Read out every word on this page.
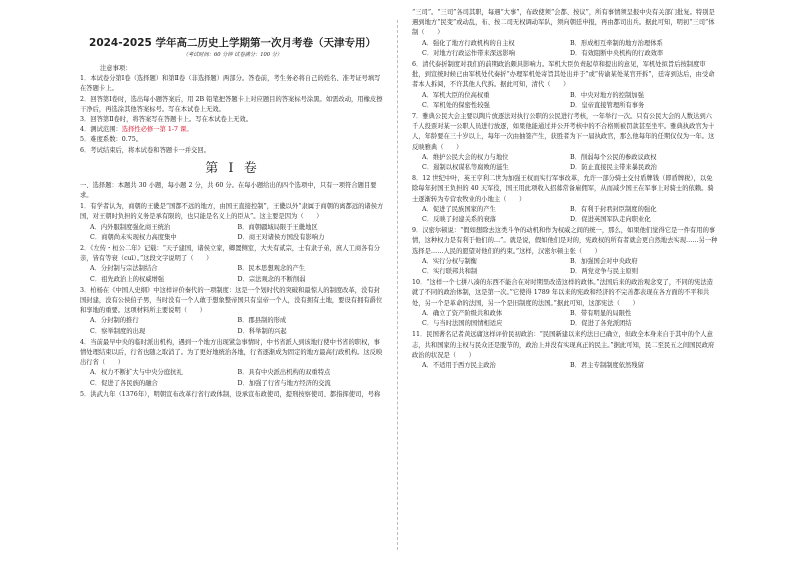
2024-2025 学年高二历史上学期第一次月考卷（天津专用）
（考试时间：60 分钟 试卷满分：100 分）
注意事项：
1．本试卷分第Ⅰ卷（选择题）和第Ⅱ卷（非选择题）两部分。答卷前，考生务必将自己的姓名、准考证号填写在答题卡上。
2．回答第Ⅰ卷时，选出每小题答案后，用 2B 铅笔把答题卡上对应题目的答案标号涂黑。如需改动，用橡皮擦干净后，再选涂其他答案标号。写在本试卷上无效。
3．回答第Ⅱ卷时，将答案写在答题卡上。写在本试卷上无效。
4．测试范围：选择性必修一第 1-7 课。
5．难度系数：0.75。
6．考试结束后，将本试卷和答题卡一并交回。
第 Ⅰ 卷
一、选择题：本题共 30 小题，每小题 2 分，共 60 分。在每小题给出的四个选项中，只有一项符合题目要求。
1．有学者认为，商朝的王畿是“国都不远的地方，由国王直接控制”，王畿以外“隶属于商朝的离都远的诸侯方国，对王朝时负担的义务是承有限的，也只能是名义上的臣从”。这主要是因为（　　）
A．内外服制度强化商王统治	B．商朝疆域局限于王畿地区
C．商朝尚未实现权力高度集中	D．商王对诸侯方国没有影响力
2．《左传・桓公二年》记载：“天子建国，诸侯立家，卿置侧室，大夫有贰宗，士有隶子弟，庶人工商各有分亲，皆有等衰（cuī）。”这段文字说明了（　　）
A．分封制与宗法制结合	B．民本思想观念的产生
C．祖先政治上的权威增强	D．宗法观念的不断削弱
3．柏杨在《中国人史纲》中这样评价秦代的一项制度：这是一个划时代的突破和最惊人的制度改革，没有封国封建，没有公侯伯子男，当时没有一个人敢于想象整帝国只有皇帝一个人，没有拥有土地，要设有拥有爵位和享地的重要。这项材料所主要说明（　　）
A．分封制的推行	B．郡县制的形成
C．察举制度的出现	D．科举制的兴起
4．当前最早中央的临时派出机构，遇到一个地方出现紧急事情时，中书省派人到该地行使中书省的职权，事情处理结束以后，行省也随之取消了。为了更好地统治各地，行省逐渐成为固定的地方最高行政机构。这反映出行省（　　）
A．权力不断扩大与中央分庭抗礼	B．具有中央派出机构的双重特点
C．促进了各民族的融合	D．加强了行省与地方经济的交流
5．洪武九年（1376年），明朝宣布改革行省行政体制，设承宣布政使司，提刑按察使司、都指挥使司，号称
“三司”。“三司”各司其职，每遇“大事”，布政使须“会都、按议”，所有事情须呈报中央有关部门批复。特别是遇到地方“民变”或动乱，布、按二司无权调动军队，须向朝廷申报，再由都司出兵。据此可知，明初“三司”体制（　　）
A．强化了地方行政机构的自主权	B．形成相互牵制的地方治理体系
C．对地方行政运作带来深远影响	D．有效阻断中央机构的行政效率
6．清代泰折制度对我们的前期政治颇具影响力。军机大臣负责起草和提出的意见，军机处拟旨后按制度审批，到宣统时候已由军机处代奏折“办理军机处寄旨其处出并于”或“传谕某处某官开拆”，廷寄到达后，由受命者本人拆阅，不许其他人代拆。据此可知，清代（　　）
A．军机大臣的位高权重	B．中央对地方的控制加强
C．军机处的保密性较强	D．皇帝直接管理所有事务
7．雅典公民大会主要以陶片放逐法对执行公职的公民进行考核，一年举行一次。只有公民大会的人数达到六千人投票对某一公职人员进行放逐，如果他能通过并公开考核中的不合格则被罚款甚至坐牢。雅典执政官为十人，年龄要在三十岁以上，每年一次由抽签产生，获胜者为下一届执政官，那么他每年的任期仅仅为一年。这反映雅典（　　）
A．维护公民大会的权力与地位	B．削弱每个公民的参政议政权
C．遏制以权谋私等腐败的滋生	D．防止直接民主带来暴民政治
8．12 世纪中叶，英王亨利二世为加强王权而实行军事改革，允许一部分骑士交付盾牌钱（即盾牌税），以免除每年封国王负担的 40 天军役，国王用此项收入招募常备雇佣军，从而减少国王在军事上对骑士的依赖。骑士逐渐转为专营农牧业的小地主（　　）
A．促进了民族国家的产生	B．有利于封君封臣制度的强化
C．反映了封建关系的衰落	D．促进英国军队走向职业化
9．汉密尔顿说：“假如想除去这类斗争的动机和作为权威之间的统一，那么，如果他们觉得它是一件有用的事情，这种权力是有利于他们的…”。就是说，假如他们是对的，宪政权的所有者就会更自然地去实现……另一种选择是……人民的愿望对他们的约束。”这样，汉密尔顿主张（　　）
A．实行分权与制衡	B．加强国会对中央政府
C．实行联邦共和制	D．两党竞争与民主原则
10．“这样一个七拼八凑的东西不能合在对时期里改造这样的政体。”法国后来的政治观念变了，不同的宪法造就了不同的政治体制，这是第一次。”它使得 1789 年以来的宪政和经济的不完善都表现在各方面的不平和共处，另一个是革命的法国，另一个是旧制度的法国。”据此可知，这部宪法（　　）
A．确立了资产阶级共和政体	B．带有明显的局限性
C．与当时法国的国情相适应	D．促进了各党派团结
11．民国著名记者黄远庸这样评价民初政治：“民国新建以来约法日已确立，但政全本身来自于其中的个人意志，共和国家的主权与民众还是脱节的，政治上并没有实现真正的民主。”据此可知，民二至民五之间国民政府政治的状况是（　　）
A．不适用于西方民主政治	B．君主专制制度依然残留
